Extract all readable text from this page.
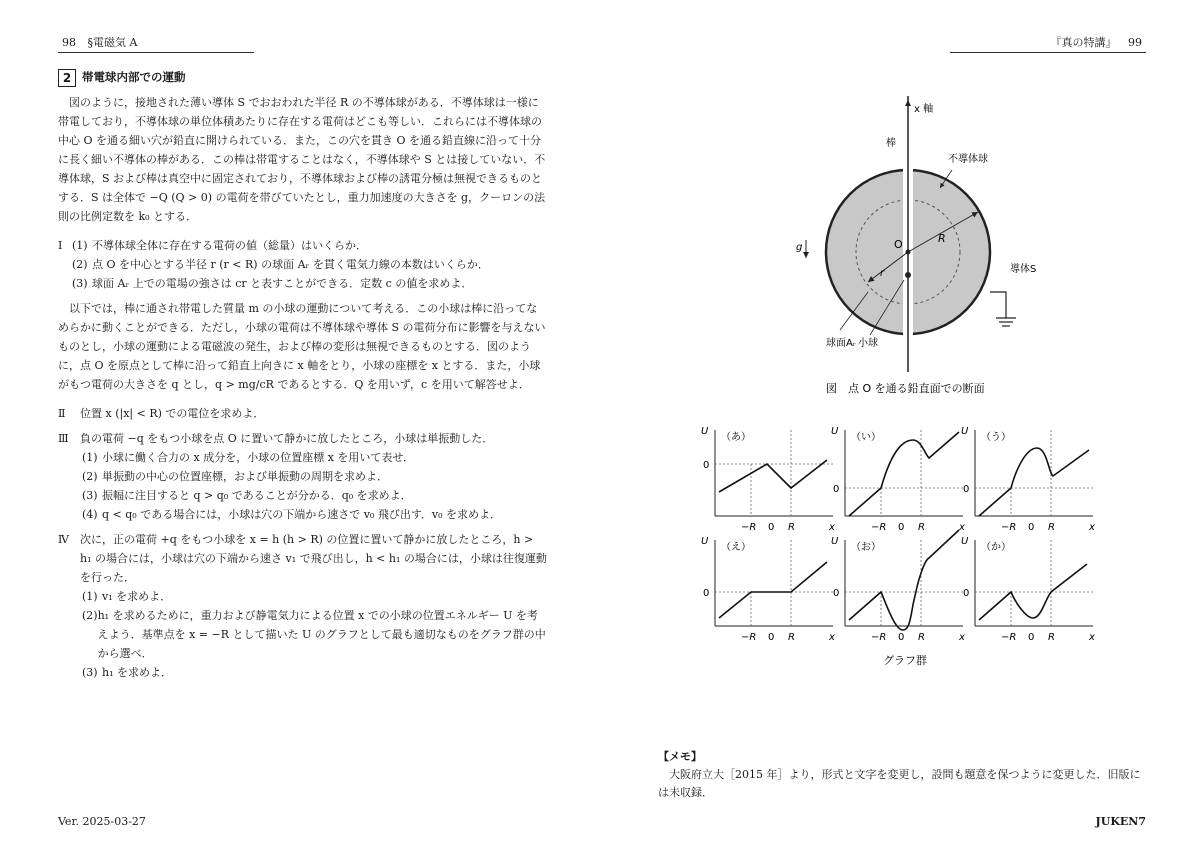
98 §電磁気 A
2 帯電球内部での運動

図のように，接地された薄い導体 S でおおわれた半径 R の不導体球がある．不導体球は一様に帯電しており，不導体球の単位体積あたりに存在する電荷はどこも等しい．これらには不導体球の中心 O を通る細い穴が鉛直に開けられている．また，この穴を貫き O を通る鉛直線に沿って十分に長く細い不導体の棒がある．この棒は帯電することはなく，不導体球や S とは接していない．不導体球，S および棒は真空中に固定されており，不導体球および棒の誘電分極は無視できるものとする．S は全体で −Q (Q > 0) の電荷を帯びていたとし，重力加速度の大きさを g，クーロンの法則の比例定数を k₀ とする．

Ⅰ (1) 不導体球全体に存在する電荷の値（総量）はいくらか．
(2) 点 O を中心とする半径 r (r < R) の球面 Aᵣ を貫く電気力線の本数はいくらか．
(3) 球面 Aᵣ 上での電場の強さは cr と表すことができる．定数 c の値を求めよ．

以下では，棒に通され帯電した質量 m の小球の運動について考える．この小球は棒に沿ってなめらかに動くことができる．ただし，小球の電荷は不導体球や導体 S の電荷分布に影響を与えないものとし，小球の運動による電磁波の発生，および棒の変形は無視できるものとする．図のように，点 O を原点として棒に沿って鉛直上向きに x 軸をとり，小球の座標を x とする．また，小球がもつ電荷の大きさを q とし，q > mg/cR であるとする．Q を用いず，c を用いて解答せよ．

Ⅱ	位置 x (|x| < R) での電位を求めよ．
Ⅲ	負の電荷 −q をもつ小球を点 O に置いて静かに放したところ，小球は単振動した．
(1) 小球に働く合力の x 成分を，小球の位置座標 x を用いて表せ．
(2) 単振動の中心の位置座標，および単振動の周期を求めよ．
(3) 振幅に注目すると q > q₀ であることが分かる．q₀ を求めよ．
(4) q < q₀ である場合には，小球は穴の下端から速さで v₀ 飛び出す．v₀ を求めよ．
Ⅳ	次に，正の電荷 +q をもつ小球を x = h (h > R) の位置に置いて静かに放したところ，h > h₁ の場合には，小球は穴の下端から速さ v₁ で飛び出し，h < h₁ の場合には，小球は往復運動を行った．
(1) v₁ を求めよ．
(2) h₁ を求めるために，重力および静電気力による位置 x での小球の位置エネルギー U を考えよう．基準点を x = −R として描いた U のグラフとして最も適切なものをグラフ群の中から選べ．
(3) h₁ を求めよ．
Ver. 2025-03-27
『真の特講』 99
x 軸
棒
不導体球
g	O	R
r	導体S
球面Aᵣ 小球
図　点 O を通る鉛直面での断面
U
（あ）
0
x
−R 0 R
U
（い）
0
x
−R 0 R
U
（う）
0
x
−R 0 R
U
（え）
0
x
−R 0 R
U
（お）
0
x
−R 0 R
U
（か）
0
x
−R 0 R
グラフ群
【メモ】
大阪府立大［2015 年］より，形式と文字を変更し，設問も題意を保つように変更した．旧版には未収録．
JUKEN7
